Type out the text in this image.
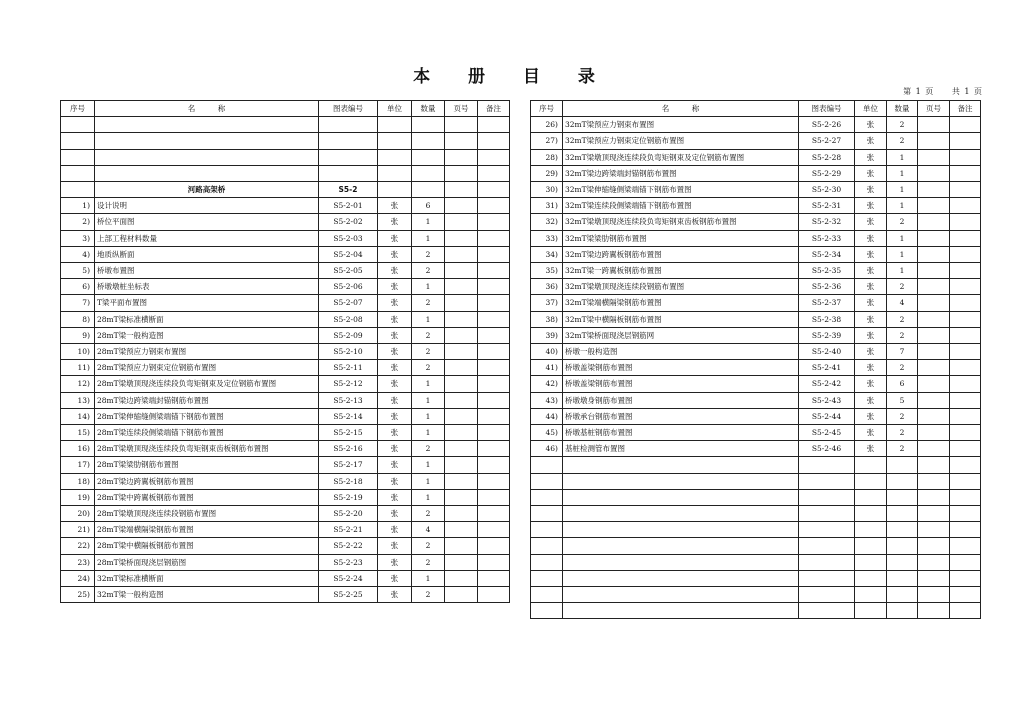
本 册 目 录
第 1 页 共 1 页
序号	名　　　称	图表编号	单位	数量	页号	备注

	河路高架桥	S5-2				
1)	设计说明	S5-2-01	张	6		
2)	桥位平面图	S5-2-02	张	1		
3)	上部工程材料数量	S5-2-03	张	1		
4)	地质纵断面	S5-2-04	张	2		
5)	桥墩布置图	S5-2-05	张	2		
6)	桥墩墩桩坐标表	S5-2-06	张	1		
7)	T梁平面布置图	S5-2-07	张	2		
8)	28mT梁标准横断面	S5-2-08	张	1		
9)	28mT梁一般构造图	S5-2-09	张	2		
10)	28mT梁预应力钢束布置图	S5-2-10	张	2		
11)	28mT梁预应力钢束定位钢筋布置图	S5-2-11	张	2		
12)	28mT梁墩顶现浇连续段负弯矩钢束及定位钢筋布置图	S5-2-12	张	1		
13)	28mT梁边跨梁端封锚钢筋布置图	S5-2-13	张	1		
14)	28mT梁伸缩缝侧梁端锚下钢筋布置图	S5-2-14	张	1		
15)	28mT梁连续段侧梁端锚下钢筋布置图	S5-2-15	张	1		
16)	28mT梁墩顶现浇连续段负弯矩钢束齿板钢筋布置图	S5-2-16	张	2		
17)	28mT梁梁肋钢筋布置图	S5-2-17	张	1		
18)	28mT梁边跨翼板钢筋布置图	S5-2-18	张	1		
19)	28mT梁中跨翼板钢筋布置图	S5-2-19	张	1		
20)	28mT梁墩顶现浇连续段钢筋布置图	S5-2-20	张	2		
21)	28mT梁端横隔梁钢筋布置图	S5-2-21	张	4		
22)	28mT梁中横隔板钢筋布置图	S5-2-22	张	2		
23)	28mT梁桥面现浇层钢筋图	S5-2-23	张	2		
24)	32mT梁标准横断面	S5-2-24	张	1		
25)	32mT梁一般构造图	S5-2-25	张	2		
序号	名　　　称	图表编号	单位	数量	页号	备注
26)	32mT梁预应力钢束布置图	S5-2-26	张	2		
27)	32mT梁预应力钢束定位钢筋布置图	S5-2-27	张	2		
28)	32mT梁墩顶现浇连续段负弯矩钢束及定位钢筋布置图	S5-2-28	张	1		
29)	32mT梁边跨梁端封锚钢筋布置图	S5-2-29	张	1		
30)	32mT梁伸缩缝侧梁端锚下钢筋布置图	S5-2-30	张	1		
31)	32mT梁连续段侧梁端锚下钢筋布置图	S5-2-31	张	1		
32)	32mT梁墩顶现浇连续段负弯矩钢束齿板钢筋布置图	S5-2-32	张	2		
33)	32mT梁梁肋钢筋布置图	S5-2-33	张	1		
34)	32mT梁边跨翼板钢筋布置图	S5-2-34	张	1		
35)	32mT梁一跨翼板钢筋布置图	S5-2-35	张	1		
36)	32mT梁墩顶现浇连续段钢筋布置图	S5-2-36	张	2		
37)	32mT梁端横隔梁钢筋布置图	S5-2-37	张	4		
38)	32mT梁中横隔板钢筋布置图	S5-2-38	张	2		
39)	32mT梁桥面现浇层钢筋网	S5-2-39	张	2		
40)	桥墩一般构造图	S5-2-40	张	7		
41)	桥墩盖梁钢筋布置图	S5-2-41	张	2		
42)	桥墩盖梁钢筋布置图	S5-2-42	张	6		
43)	桥墩墩身钢筋布置图	S5-2-43	张	5		
44)	桥墩承台钢筋布置图	S5-2-44	张	2		
45)	桥墩基桩钢筋布置图	S5-2-45	张	2		
46)	基桩检测管布置图	S5-2-46	张	2		
